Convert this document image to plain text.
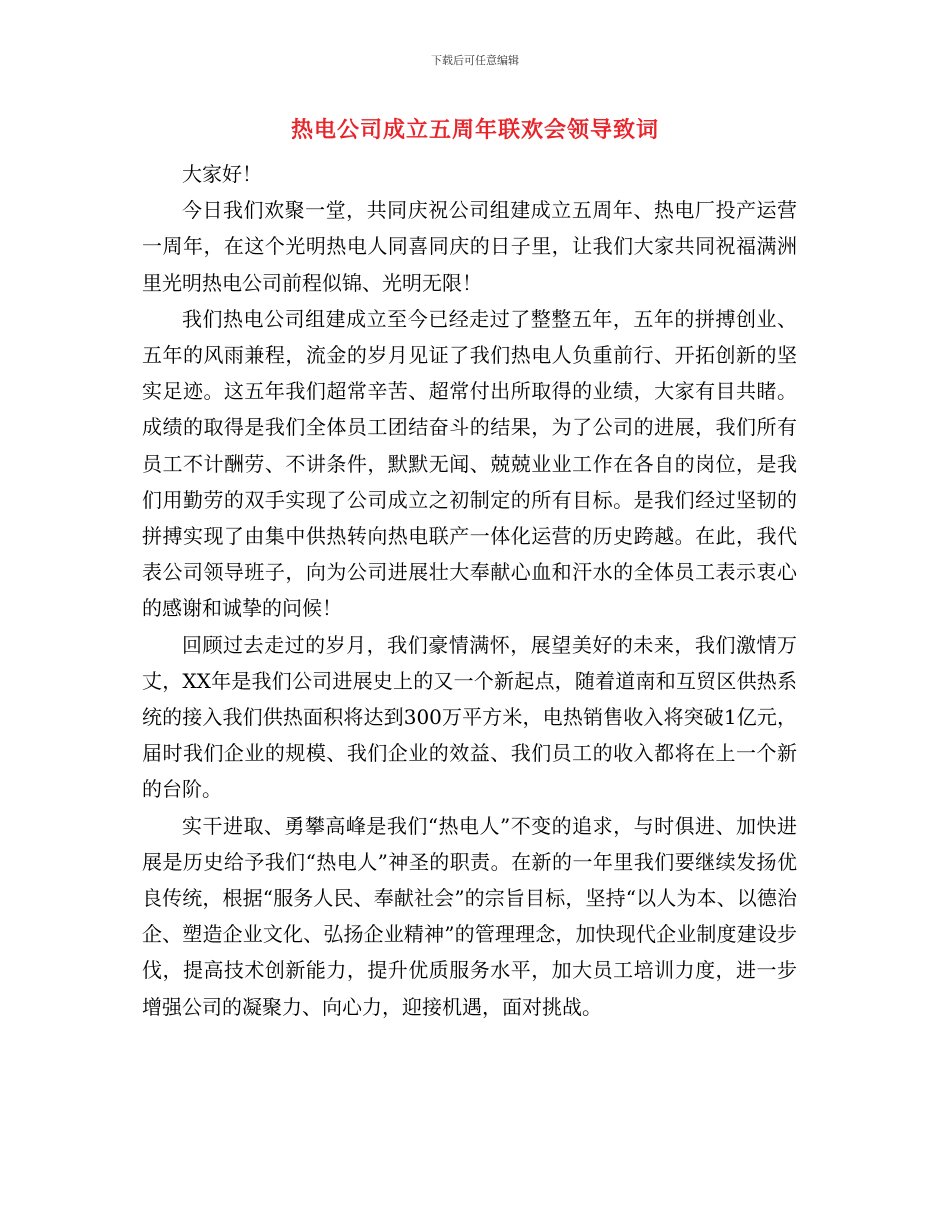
下载后可任意编辑
热电公司成立五周年联欢会领导致词

大家好！

今日我们欢聚一堂，共同庆祝公司组建成立五周年、热电厂投产运营一周年，在这个光明热电人同喜同庆的日子里，让我们大家共同祝福满洲里光明热电公司前程似锦、光明无限！

我们热电公司组建成立至今已经走过了整整五年，五年的拼搏创业、五年的风雨兼程，流金的岁月见证了我们热电人负重前行、开拓创新的坚实足迹。这五年我们超常辛苦、超常付出所取得的业绩，大家有目共睹。成绩的取得是我们全体员工团结奋斗的结果，为了公司的进展，我们所有员工不计酬劳、不讲条件，默默无闻、兢兢业业工作在各自的岗位，是我们用勤劳的双手实现了公司成立之初制定的所有目标。是我们经过坚韧的拼搏实现了由集中供热转向热电联产一体化运营的历史跨越。在此，我代表公司领导班子，向为公司进展壮大奉献心血和汗水的全体员工表示衷心的感谢和诚挚的问候！

回顾过去走过的岁月，我们豪情满怀，展望美好的未来，我们激情万丈，XX年是我们公司进展史上的又一个新起点，随着道南和互贸区供热系统的接入我们供热面积将达到300万平方米，电热销售收入将突破1亿元，届时我们企业的规模、我们企业的效益、我们员工的收入都将在上一个新的台阶。

实干进取、勇攀高峰是我们“热电人”不变的追求，与时俱进、加快进展是历史给予我们“热电人”神圣的职责。在新的一年里我们要继续发扬优良传统，根据“服务人民、奉献社会”的宗旨目标，坚持“以人为本、以德治企、塑造企业文化、弘扬企业精神”的管理理念，加快现代企业制度建设步伐，提高技术创新能力，提升优质服务水平，加大员工培训力度，进一步增强公司的凝聚力、向心力，迎接机遇，面对挑战。
